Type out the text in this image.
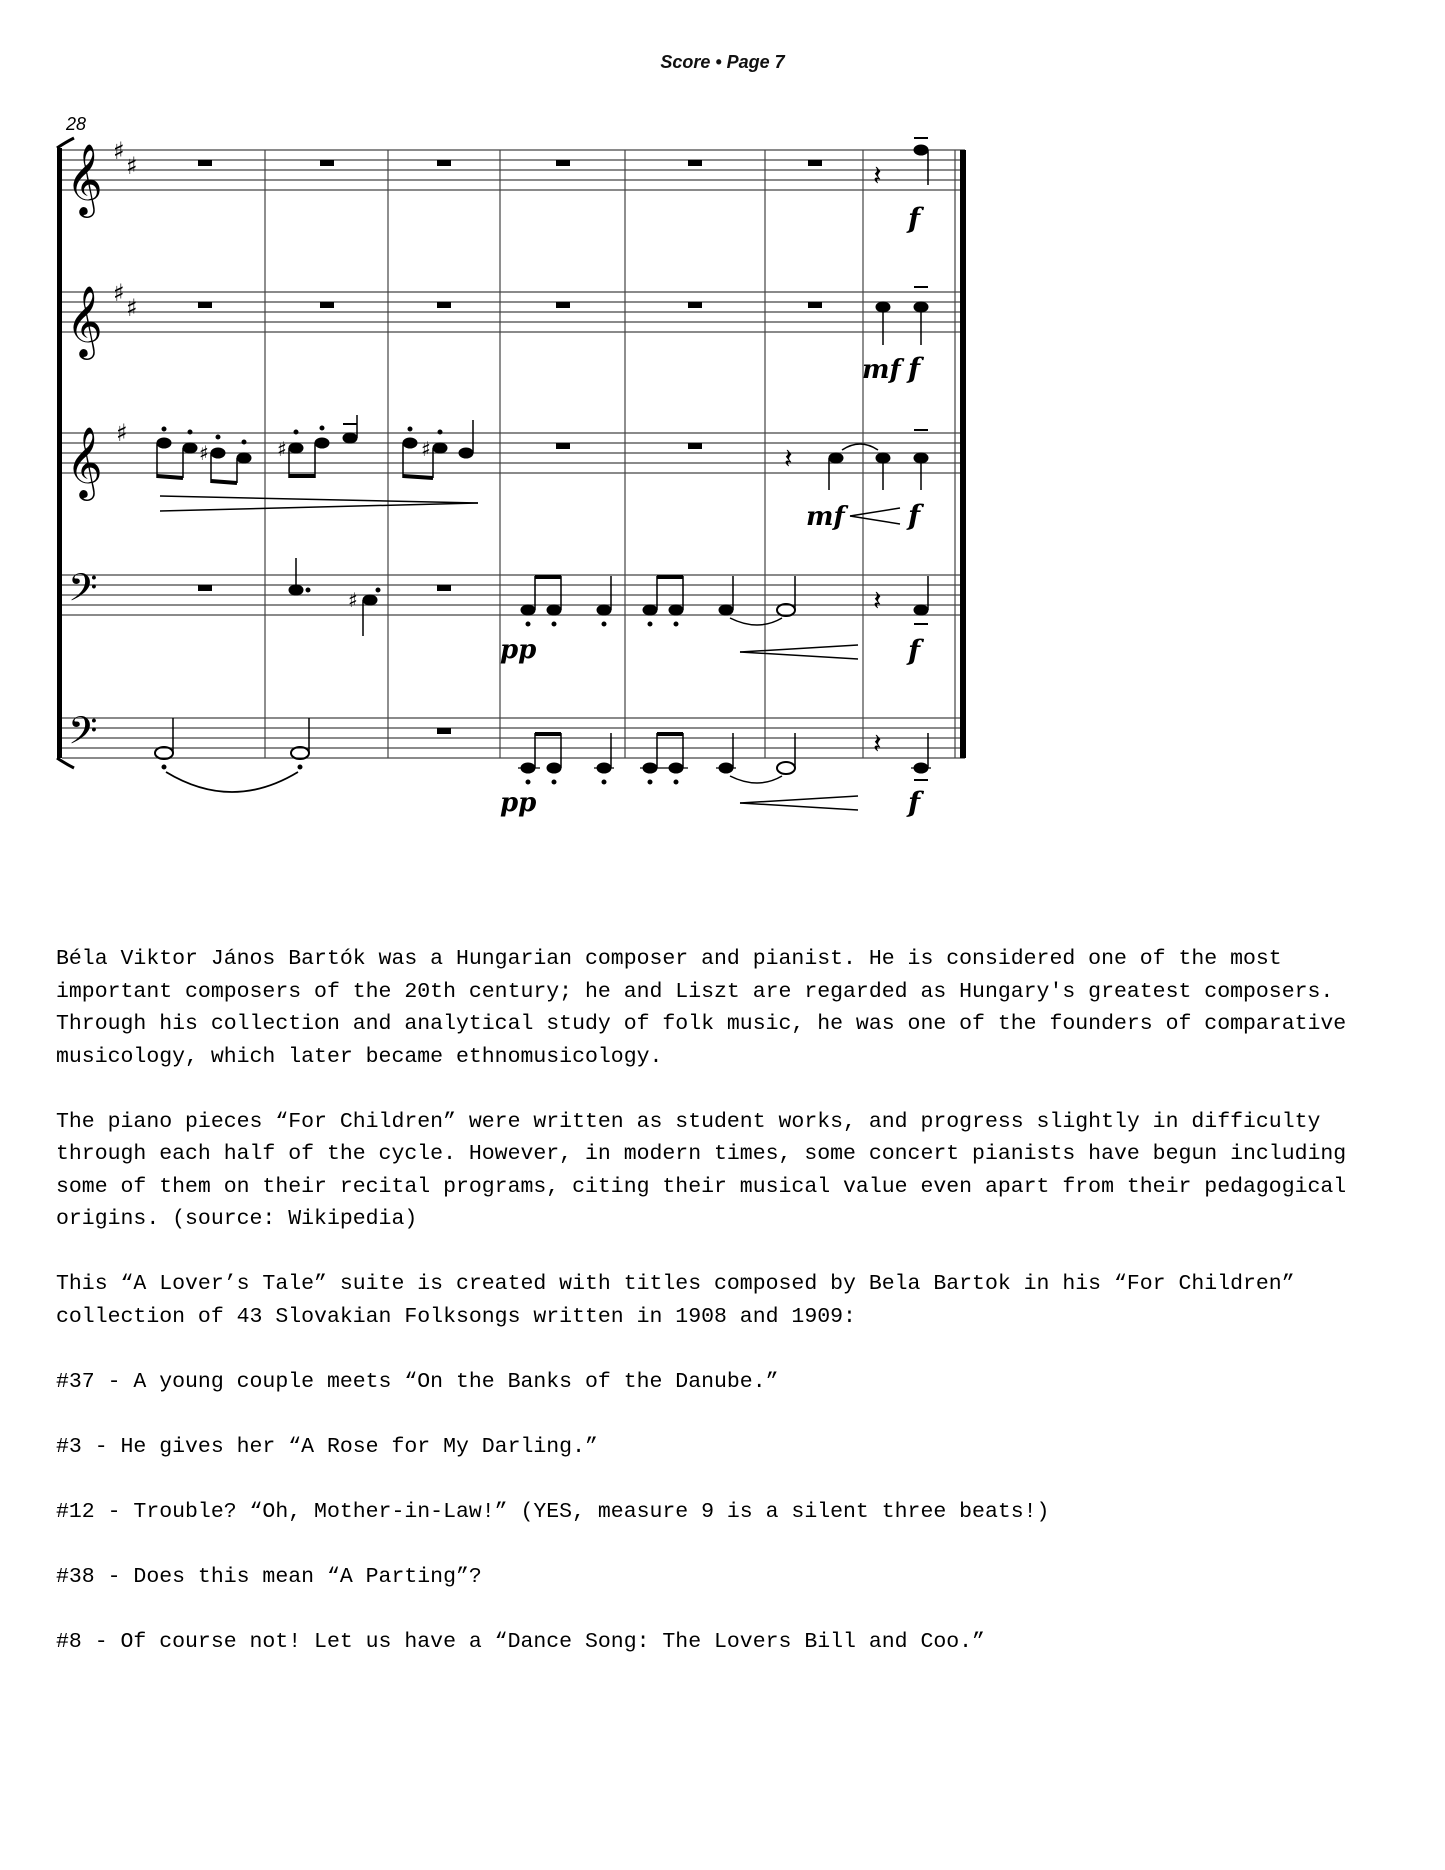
Score • Page 7
28
𝄞
𝄞
𝄞
𝄢
𝄢
♯
♯
♯
♯
♯
𝄽
𝄽
𝄽
𝄽
f
mf f
♯	♯	♯
mf f
♯
pp	f
pp	f

Béla Viktor János Bartók was a Hungarian composer and pianist. He is considered one of the most important composers of the 20th century; he and Liszt are regarded as Hungary's greatest composers. Through his collection and analytical study of folk music, he was one of the founders of comparative musicology, which later became ethnomusicology.

The piano pieces “For Children” were written as student works, and progress slightly in difficulty through each half of the cycle. However, in modern times, some concert pianists have begun including some of them on their recital programs, citing their musical value even apart from their pedagogical origins. (source: Wikipedia)

This “A Lover’s Tale” suite is created with titles composed by Bela Bartok in his “For Children” collection of 43 Slovakian Folksongs written in 1908 and 1909:

#37 - A young couple meets “On the Banks of the Danube.”

#3 - He gives her “A Rose for My Darling.”

#12 - Trouble? “Oh, Mother-in-Law!” (YES, measure 9 is a silent three beats!)

#38 - Does this mean “A Parting”?

#8 - Of course not! Let us have a “Dance Song: The Lovers Bill and Coo.”
